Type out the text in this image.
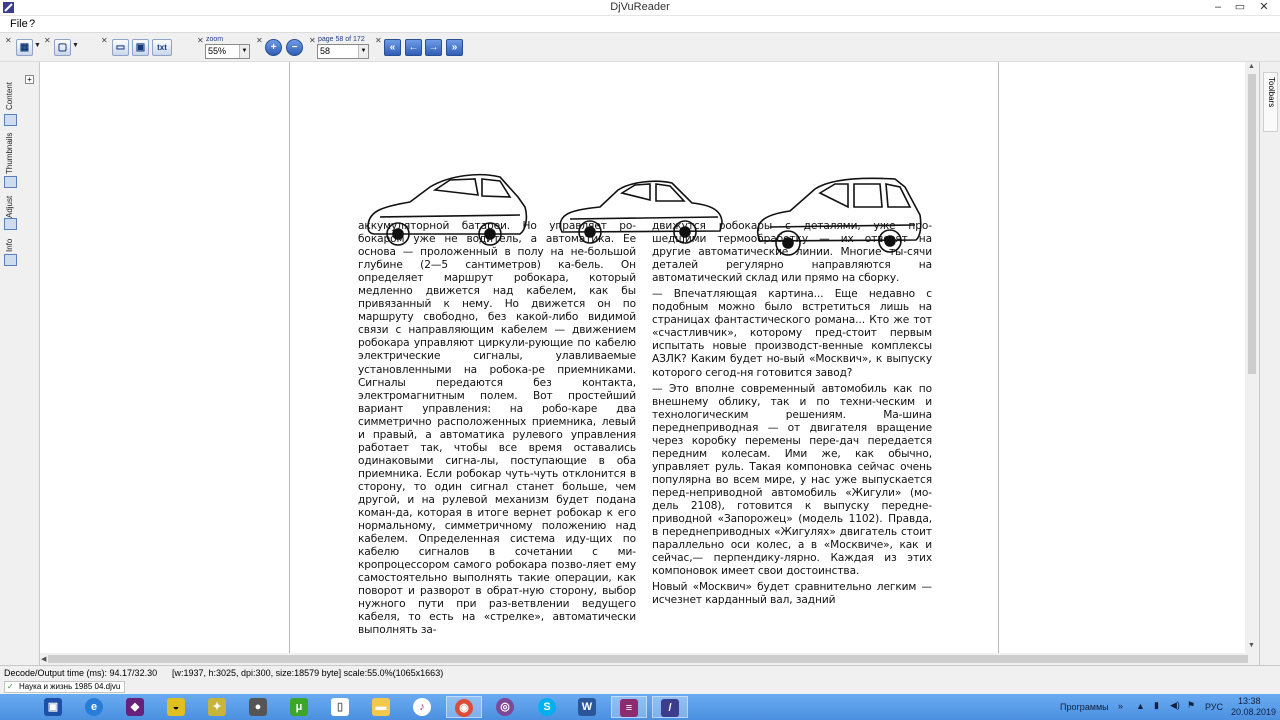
DjVuReader	–	▭	✕
File ?
✕
▦ ▼
✕
▢ ▼
✕
▭ ▣	txt
✕ zoom
55%	▼
✕
+	−
✕ page 58 of 172
58	▼
✕
«	← →	»
+
Content
Thumbnails
Adjust
Info

аккумуляторной батареи. Но управляет ро-бокаром уже не водитель, а автоматика. Ее основа — проложенный в полу на не-большой глубине (2—5 сантиметров) ка-бель. Он определяет маршрут робокара, который медленно движется над кабелем, как бы привязанный к нему. Но движется он по маршруту свободно, без какой-либо видимой связи с направляющим кабелем — движением робокара управляют циркули-рующие по кабелю электрические сигналы, улавливаемые установленными на робока-ре приемниками. Сигналы передаются без контакта, электромагнитным полем. Вот простейший вариант управления: на робо-каре два симметрично расположенных приемника, левый и правый, а автоматика рулевого управления работает так, чтобы все время оставались одинаковыми сигна-лы, поступающие в оба приемника. Если робокар чуть-чуть отклонится в сторону, то один сигнал станет больше, чем другой, и на рулевой механизм будет подана коман-да, которая в итоге вернет робокар к его нормальному, симметричному положению над кабелем. Определенная система иду-щих по кабелю сигналов в сочетании с ми-кропроцессором самого робокара позво-ляет ему самостоятельно выполнять такие операции, как поворот и разворот в обрат-ную сторону, выбор нужного пути при раз-ветвлении ведущего кабеля, то есть на «стрелке», автоматически выполнять за-

движутся робокары с деталями, уже про-шедшими термообработку — их отвозят на другие автоматические линии. Многие ты-сячи деталей регулярно направляются на автоматический склад или прямо на сборку.

— Впечатляющая картина... Еще недавно с подобным можно было встретиться лишь на страницах фантастического романа... Кто же тот «счастливчик», которому пред-стоит первым испытать новые производст-венные комплексы АЗЛК? Каким будет но-вый «Москвич», к выпуску которого сегод-ня готовится завод?

— Это вполне современный автомобиль как по внешнему облику, так и по техни-ческим и технологическим решениям. Ма-шина переднеприводная — от двигателя вращение через коробку перемены пере-дач передается передним колесам. Ими же, как обычно, управляет руль. Такая компоновка сейчас очень популярна во всем мире, у нас уже выпускается перед-неприводной автомобиль «Жигули» (мо-дель 2108), готовится к выпуску передне-приводной «Запорожец» (модель 1102). Правда, в переднеприводных «Жигулях» двигатель стоит параллельно оси колес, а в «Москвиче», как и сейчас,— перпендику-лярно. Каждая из этих компоновок имеет свои достоинства.

Новый «Москвич» будет сравнительно легким — исчезнет карданный вал, задний

▲
▼
◀
Toolbars
Decode/Output time (ms): 94.17/32.30 [w:1937, h:3025, dpi:300, size:18579 byte] scale:55.0%(1065x1663)
✓ Наука и жизнь 1985 04.djvu
▣	e	◆	◒	✦	●	μ	▯	▬	♪	◉	◎	S	W	≡	/	Программы » ▲ ▮ ◀) ⚑ РУС
13:38
20.08.2019
